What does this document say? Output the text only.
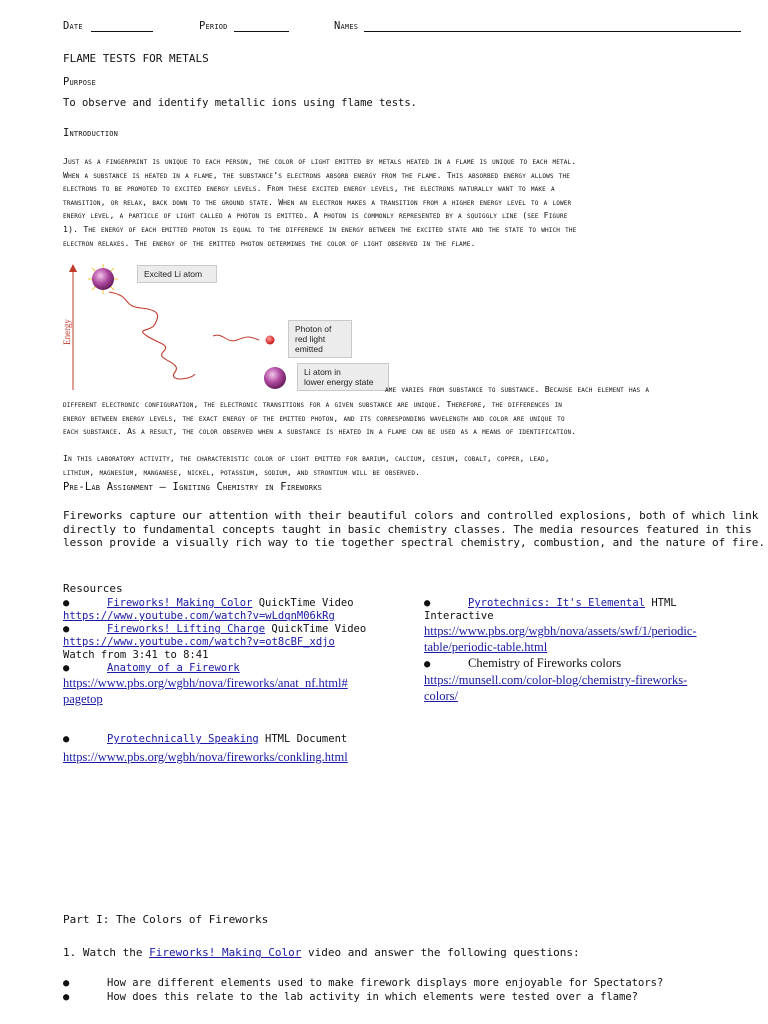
Date	Period	Names
FLAME TESTS FOR METALS
Purpose
To observe and identify metallic ions using flame tests.
Introduction
Just as a fingerprint is unique to each person, the color of light emitted by metals heated in a flame is unique to each metal.
When a substance is heated in a flame, the substance’s electrons absorb energy from the flame. This absorbed energy allows the
electrons to be promoted to excited energy levels. From these excited energy levels, the electrons naturally want to make a
transition, or relax, back down to the ground state. When an electron makes a transition from a higher energy level to a lower
energy level, a particle of light called a photon is emitted. A photon is commonly represented by a squiggly line (see Figure
1). The energy of each emitted photon is equal to the difference in energy between the excited state and the state to which the
electron relaxes. The energy of the emitted photon determines the color of light observed in the flame.
Energy
Excited Li atom
Photon of
red light
emitted
Li atom in
lower energy state
ame varies from substance to substance. Because each element has a
different electronic configuration, the electronic transitions for a given substance are unique. Therefore, the differences in
energy between energy levels, the exact energy of the emitted photon, and its corresponding wavelength and color are unique to
each substance. As a result, the color observed when a substance is heated in a flame can be used as a means of identification.
In this laboratory activity, the characteristic color of light emitted for barium, calcium, cesium, cobalt, copper, lead,
lithium, magnesium, manganese, nickel, potassium, sodium, and strontium will be observed.
Pre-Lab Assignment – Igniting Chemistry in Fireworks
Fireworks capture our attention with their beautiful colors and controlled explosions, both of which link
directly to fundamental concepts taught in basic chemistry classes. The media resources featured in this
lesson provide a visually rich way to tie together spectral chemistry, combustion, and the nature of fire.
Resources
●	Fireworks! Making Color QuickTime Video
https://www.youtube.com/watch?v=wLdqnM06kRg
●	Fireworks! Lifting Charge QuickTime Video
https://www.youtube.com/watch?v=ot8cBF_xdjo
Watch from 3:41 to 8:41
●	Anatomy of a Firework
https://www.pbs.org/wgbh/nova/fireworks/anat_nf.html#
pagetop
●	Pyrotechnically Speaking HTML Document
https://www.pbs.org/wgbh/nova/fireworks/conkling.html
●	Pyrotechnics: It's Elemental HTML
Interactive
https://www.pbs.org/wgbh/nova/assets/swf/1/periodic-
table/periodic-table.html
●	Chemistry of Fireworks colors
https://munsell.com/color-blog/chemistry-fireworks-
colors/
Part I: The Colors of Fireworks
1. Watch the Fireworks! Making Color video and answer the following questions:
●	How are different elements used to make firework displays more enjoyable for Spectators?
●	How does this relate to the lab activity in which elements were tested over a flame?
